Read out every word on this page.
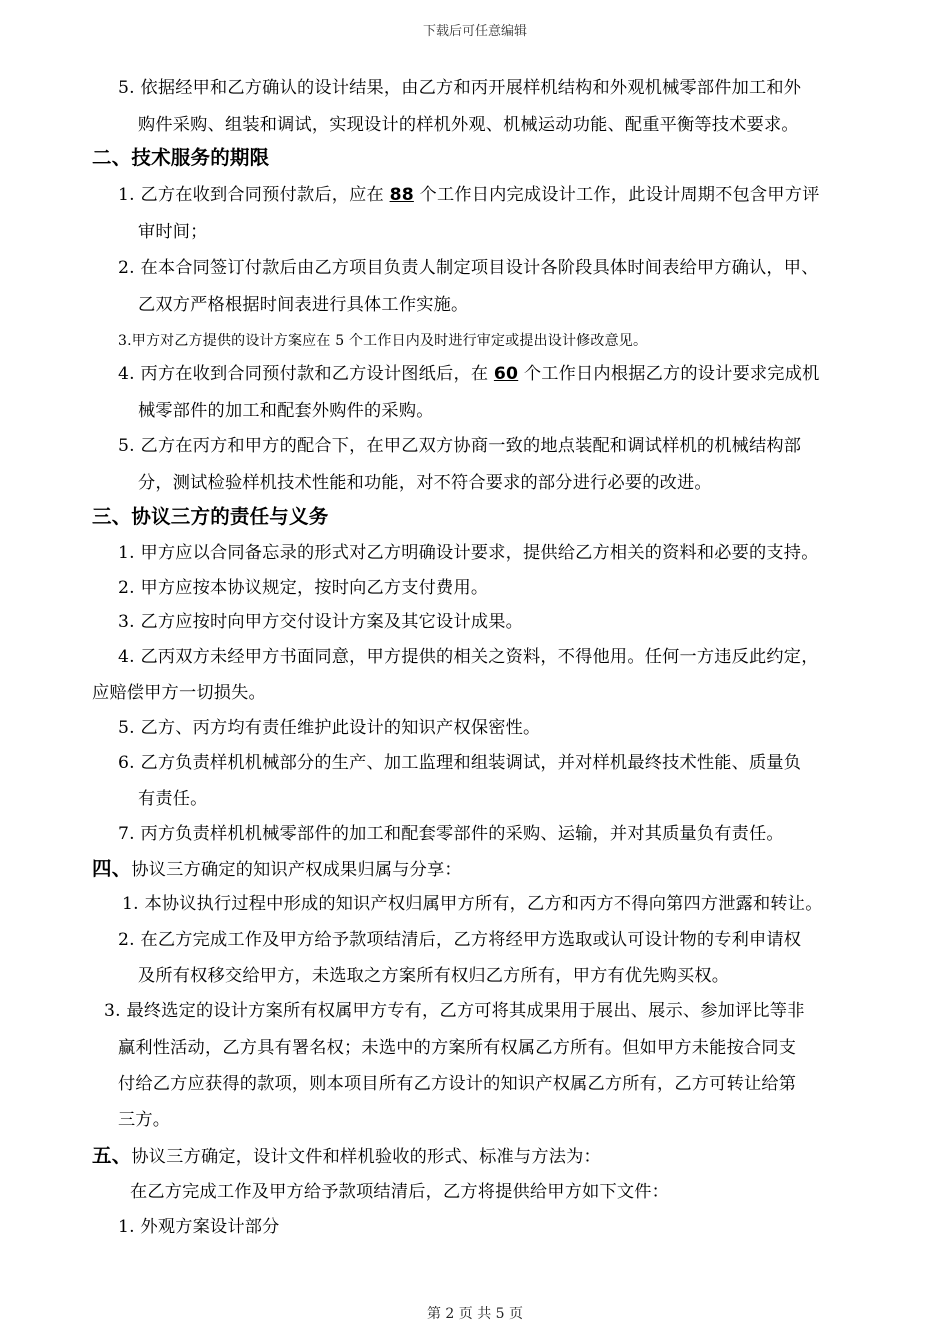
下载后可任意编辑
5. 依据经甲和乙方确认的设计结果，由乙方和丙开展样机结构和外观机械零部件加工和外
购件采购、组装和调试，实现设计的样机外观、机械运动功能、配重平衡等技术要求。
二、技术服务的期限
1. 乙方在收到合同预付款后，应在 88 个工作日内完成设计工作，此设计周期不包含甲方评
审时间；
2. 在本合同签订付款后由乙方项目负责人制定项目设计各阶段具体时间表给甲方确认，甲、
乙双方严格根据时间表进行具体工作实施。
3.甲方对乙方提供的设计方案应在 5 个工作日内及时进行审定或提出设计修改意见。
4. 丙方在收到合同预付款和乙方设计图纸后，在 60 个工作日内根据乙方的设计要求完成机
械零部件的加工和配套外购件的采购。
5. 乙方在丙方和甲方的配合下，在甲乙双方协商一致的地点装配和调试样机的机械结构部
分，测试检验样机技术性能和功能，对不符合要求的部分进行必要的改进。
三、协议三方的责任与义务
1. 甲方应以合同备忘录的形式对乙方明确设计要求，提供给乙方相关的资料和必要的支持。
2. 甲方应按本协议规定，按时向乙方支付费用。
3. 乙方应按时向甲方交付设计方案及其它设计成果。
4. 乙丙双方未经甲方书面同意，甲方提供的相关之资料，不得他用。任何一方违反此约定，
应赔偿甲方一切损失。
5. 乙方、丙方均有责任维护此设计的知识产权保密性。
6. 乙方负责样机机械部分的生产、加工监理和组装调试，并对样机最终技术性能、质量负
有责任。
7. 丙方负责样机机械零部件的加工和配套零部件的采购、运输，并对其质量负有责任。
四、协议三方确定的知识产权成果归属与分享：
1. 本协议执行过程中形成的知识产权归属甲方所有，乙方和丙方不得向第四方泄露和转让。
2. 在乙方完成工作及甲方给予款项结清后，乙方将经甲方选取或认可设计物的专利申请权
及所有权移交给甲方，未选取之方案所有权归乙方所有，甲方有优先购买权。
3. 最终选定的设计方案所有权属甲方专有，乙方可将其成果用于展出、展示、参加评比等非
赢利性活动，乙方具有署名权；未选中的方案所有权属乙方所有。但如甲方未能按合同支
付给乙方应获得的款项，则本项目所有乙方设计的知识产权属乙方所有，乙方可转让给第
三方。
五、协议三方确定，设计文件和样机验收的形式、标准与方法为：
在乙方完成工作及甲方给予款项结清后，乙方将提供给甲方如下文件：
1. 外观方案设计部分
第 2 页 共 5 页
